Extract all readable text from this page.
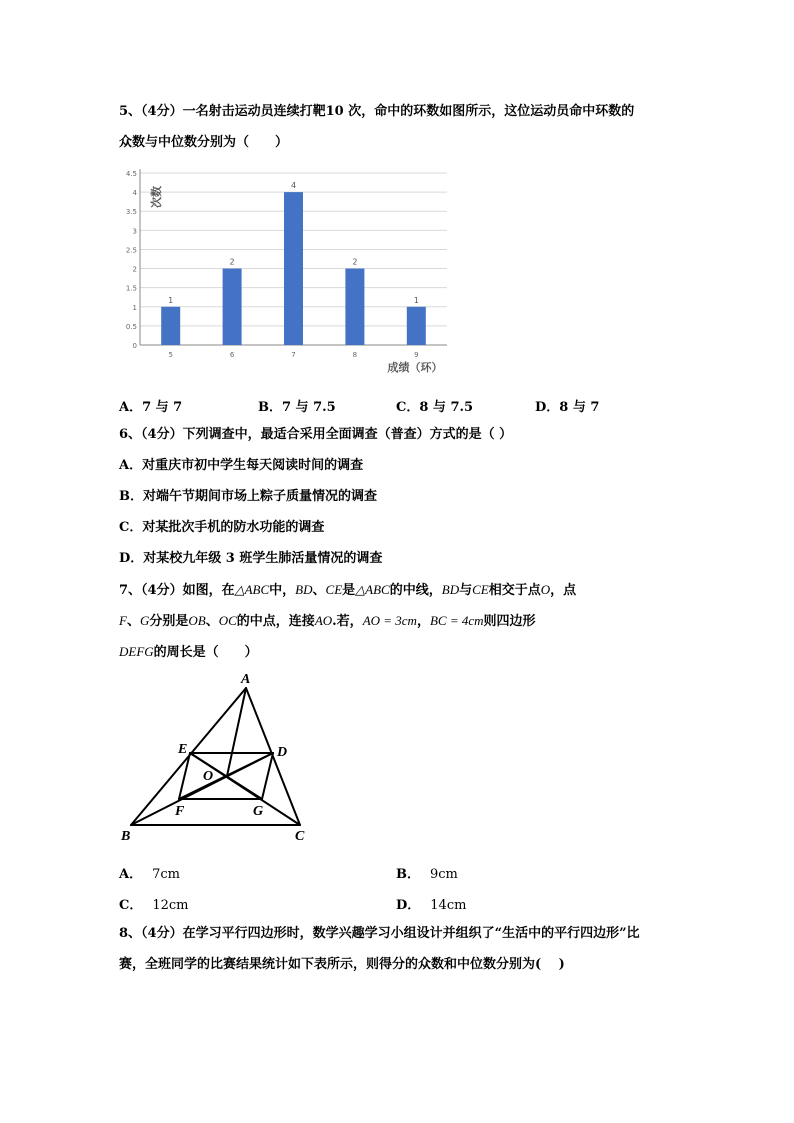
5、（4分）一名射击运动员连续打靶10 次，命中的环数如图所示，这位运动员命中环数的
众数与中位数分别为（　　）
0
0.5
1
1.5
2
2.5
3
3.5
4
4.5
1
5
2
6
4
7
2
8
1
9
次数
成绩（环）
A．7 与 7	B．7 与 7.5	C．8 与 7.5	D．8 与 7
6、（4分）下列调查中，最适合采用全面调查（普查）方式的是（ ）
A．对重庆市初中学生每天阅读时间的调查
B．对端午节期间市场上粽子质量情况的调查
C．对某批次手机的防水功能的调查
D．对某校九年级 3 班学生肺活量情况的调查
7、（4分）如图，在△ABC中，BD、CE是△ABC的中线，BD与CE相交于点O，点
F、G分别是OB、OC的中点，连接AO.若，AO = 3cm，BC = 4cm则四边形
DEFG的周长是（　　）
A
B	C
D
E
F	G
O
A． 7cm	B． 9cm
C． 12cm	D． 14cm
8、（4分）在学习平行四边形时，数学兴趣学习小组设计并组织了“生活中的平行四边形”比
赛，全班同学的比赛结果统计如下表所示，则得分的众数和中位数分别为(　 )
